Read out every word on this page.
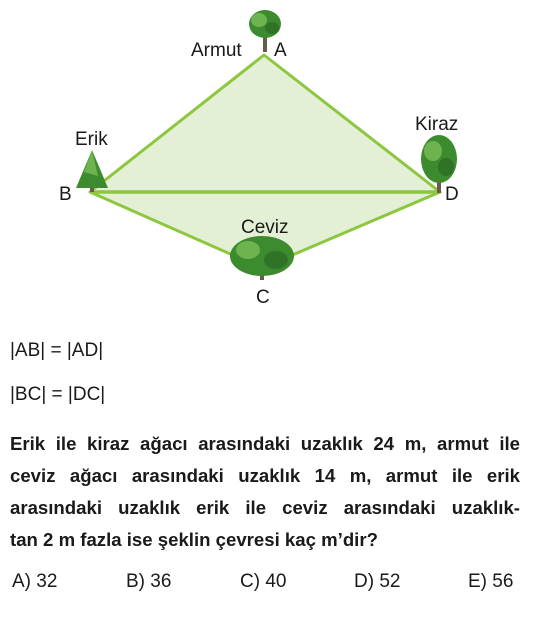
Armut
Erik
Ceviz
Kiraz
A
B
C
D
|AB| = |AD|
|BC| = |DC|

Erik ile kiraz ağacı arasındaki uzaklık 24 m, armut ile
ceviz ağacı arasındaki uzaklık 14 m, armut ile erik
arasındaki uzaklık erik ile ceviz arasındaki uzaklık-
tan 2 m fazla ise şeklin çevresi kaç m’dir?

A) 32	B) 36	C) 40	D) 52	E) 56
